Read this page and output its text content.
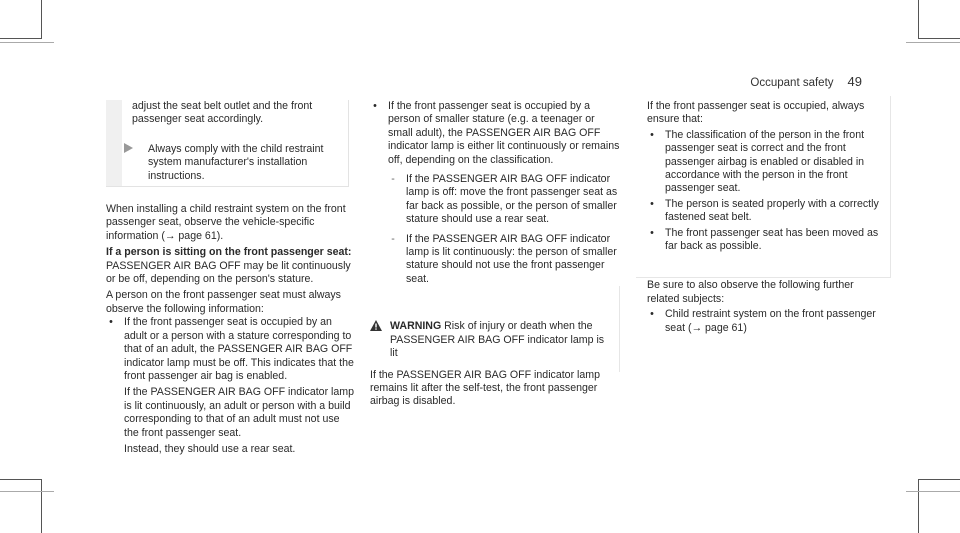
Occupant safety 49

adjust the seat belt outlet and the front passenger seat accordingly.

Always comply with the child restraint system manufacturer's installation instructions.

When installing a child restraint system on the front passenger seat, observe the vehicle-specific information (→ page 61).

If a person is sitting on the front passenger seat:

PASSENGER AIR BAG OFF may be lit continuously or be off, depending on the person's stature.

A person on the front passenger seat must always observe the following information:

• If the front passenger seat is occupied by an adult or a person with a stature corresponding to that of an adult, the PASSENGER AIR BAG OFF indicator lamp must be off. This indicates that the front passenger air bag is enabled.

If the PASSENGER AIR BAG OFF indicator lamp is lit continuously, an adult or person with a build corresponding to that of an adult must not use the front passenger seat.

Instead, they should use a rear seat.

• If the front passenger seat is occupied by a person of smaller stature (e.g. a teenager or small adult), the PASSENGER AIR BAG OFF indicator lamp is either lit continuously or remains off, depending on the classification.

-	If the PASSENGER AIR BAG OFF indicator lamp is off: move the front passenger seat as far back as possible, or the person of smaller stature should use a rear seat.

-	If the PASSENGER AIR BAG OFF indicator lamp is lit continuously: the person of smaller stature should not use the front passenger seat.

WARNING Risk of injury or death when the PASSENGER AIR BAG OFF indicator lamp is lit

If the PASSENGER AIR BAG OFF indicator lamp remains lit after the self-test, the front passenger airbag is disabled.

If the front passenger seat is occupied, always ensure that:

• The classification of the person in the front passenger seat is correct and the front passenger airbag is enabled or disabled in accordance with the person in the front passenger seat.

• The person is seated properly with a correctly fastened seat belt.

• The front passenger seat has been moved as far back as possible.

Be sure to also observe the following further related subjects:

• Child restraint system on the front passenger seat (→ page 61)
